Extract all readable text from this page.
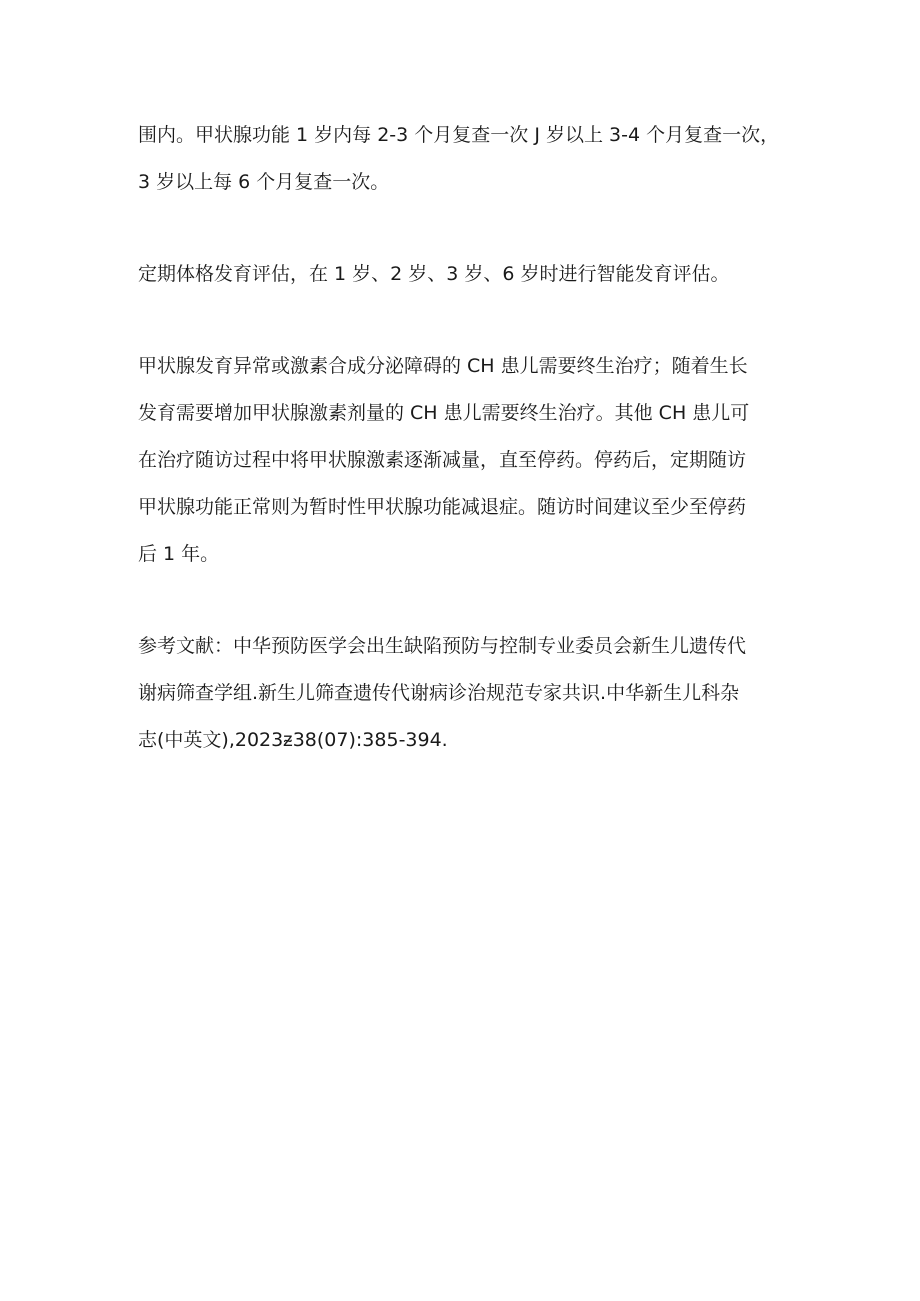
围内。甲状腺功能 1 岁内每 2-3 个月复查一次 J 岁以上 3-4 个月复查一次，
3 岁以上每 6 个月复查一次。
定期体格发育评估，在 1 岁、2 岁、3 岁、6 岁时进行智能发育评估。
甲状腺发育异常或激素合成分泌障碍的 CH 患儿需要终生治疗；随着生长
发育需要增加甲状腺激素剂量的 CH 患儿需要终生治疗。其他 CH 患儿可
在治疗随访过程中将甲状腺激素逐渐减量，直至停药。停药后，定期随访
甲状腺功能正常则为暂时性甲状腺功能减退症。随访时间建议至少至停药
后 1 年。
参考文献：中华预防医学会出生缺陷预防与控制专业委员会新生儿遗传代
谢病筛查学组.新生儿筛查遗传代谢病诊治规范专家共识.中华新生儿科杂
志(中英文),2023ᵶ38(07):385-394.
